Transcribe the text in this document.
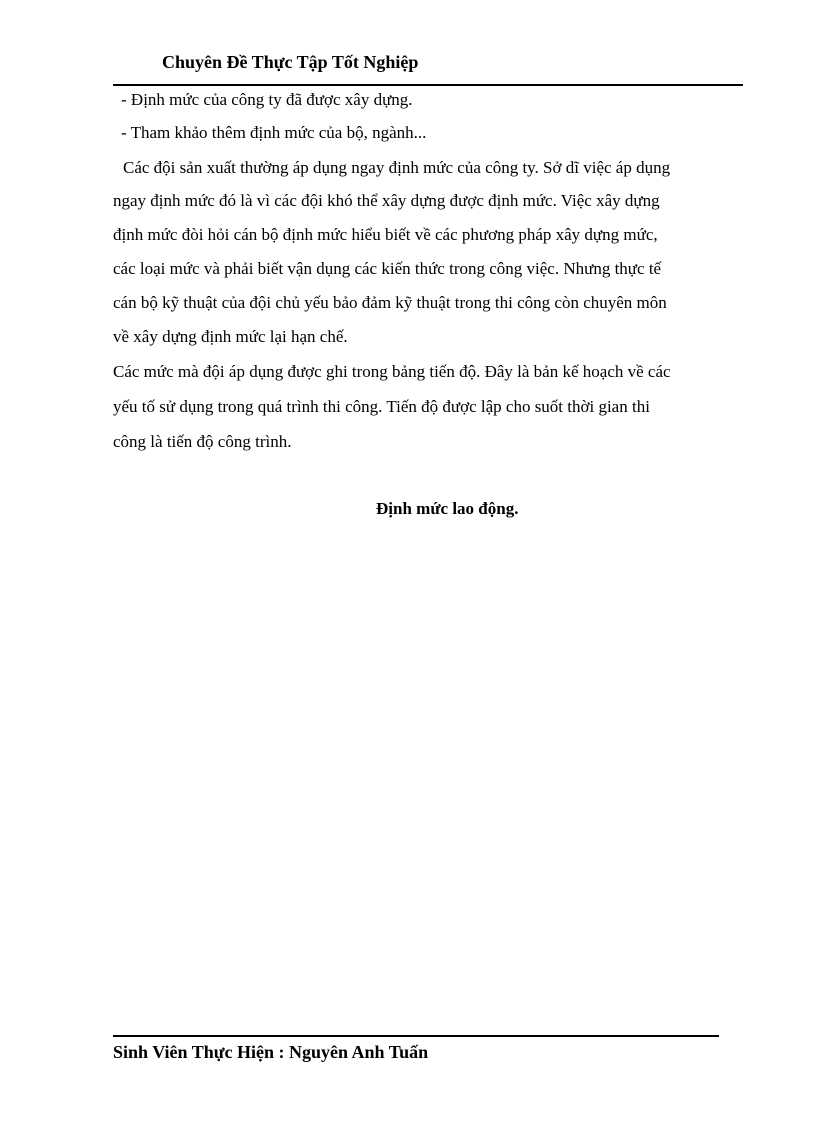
Chuyên Đề Thực Tập Tốt Nghiệp
- Định mức của công ty đã được xây dựng.
- Tham khảo thêm định mức của bộ, ngành...
Các đội sản xuất thường áp dụng ngay định mức của công ty. Sở dĩ việc áp dụng
ngay định mức đó là vì các đội khó thể xây dựng được định mức. Việc xây dựng
định mức đòi hỏi cán bộ định mức hiểu biết về các phương pháp xây dựng mức,
các loại mức và phải biết vận dụng các kiến thức trong công việc. Nhưng thực tế
cán bộ kỹ thuật của đội chủ yếu bảo đảm kỹ thuật trong thi công còn chuyên môn
về xây dựng định mức lại hạn chế.
Các mức mà đội áp dụng được ghi trong bảng tiến độ. Đây là bản kế hoạch về các
yếu tố sử dụng trong quá trình thi công. Tiến độ được lập cho suốt thời gian thi
công là tiến độ công trình.
Định mức lao động.
Sinh Viên Thực Hiện : Nguyên Anh Tuấn
